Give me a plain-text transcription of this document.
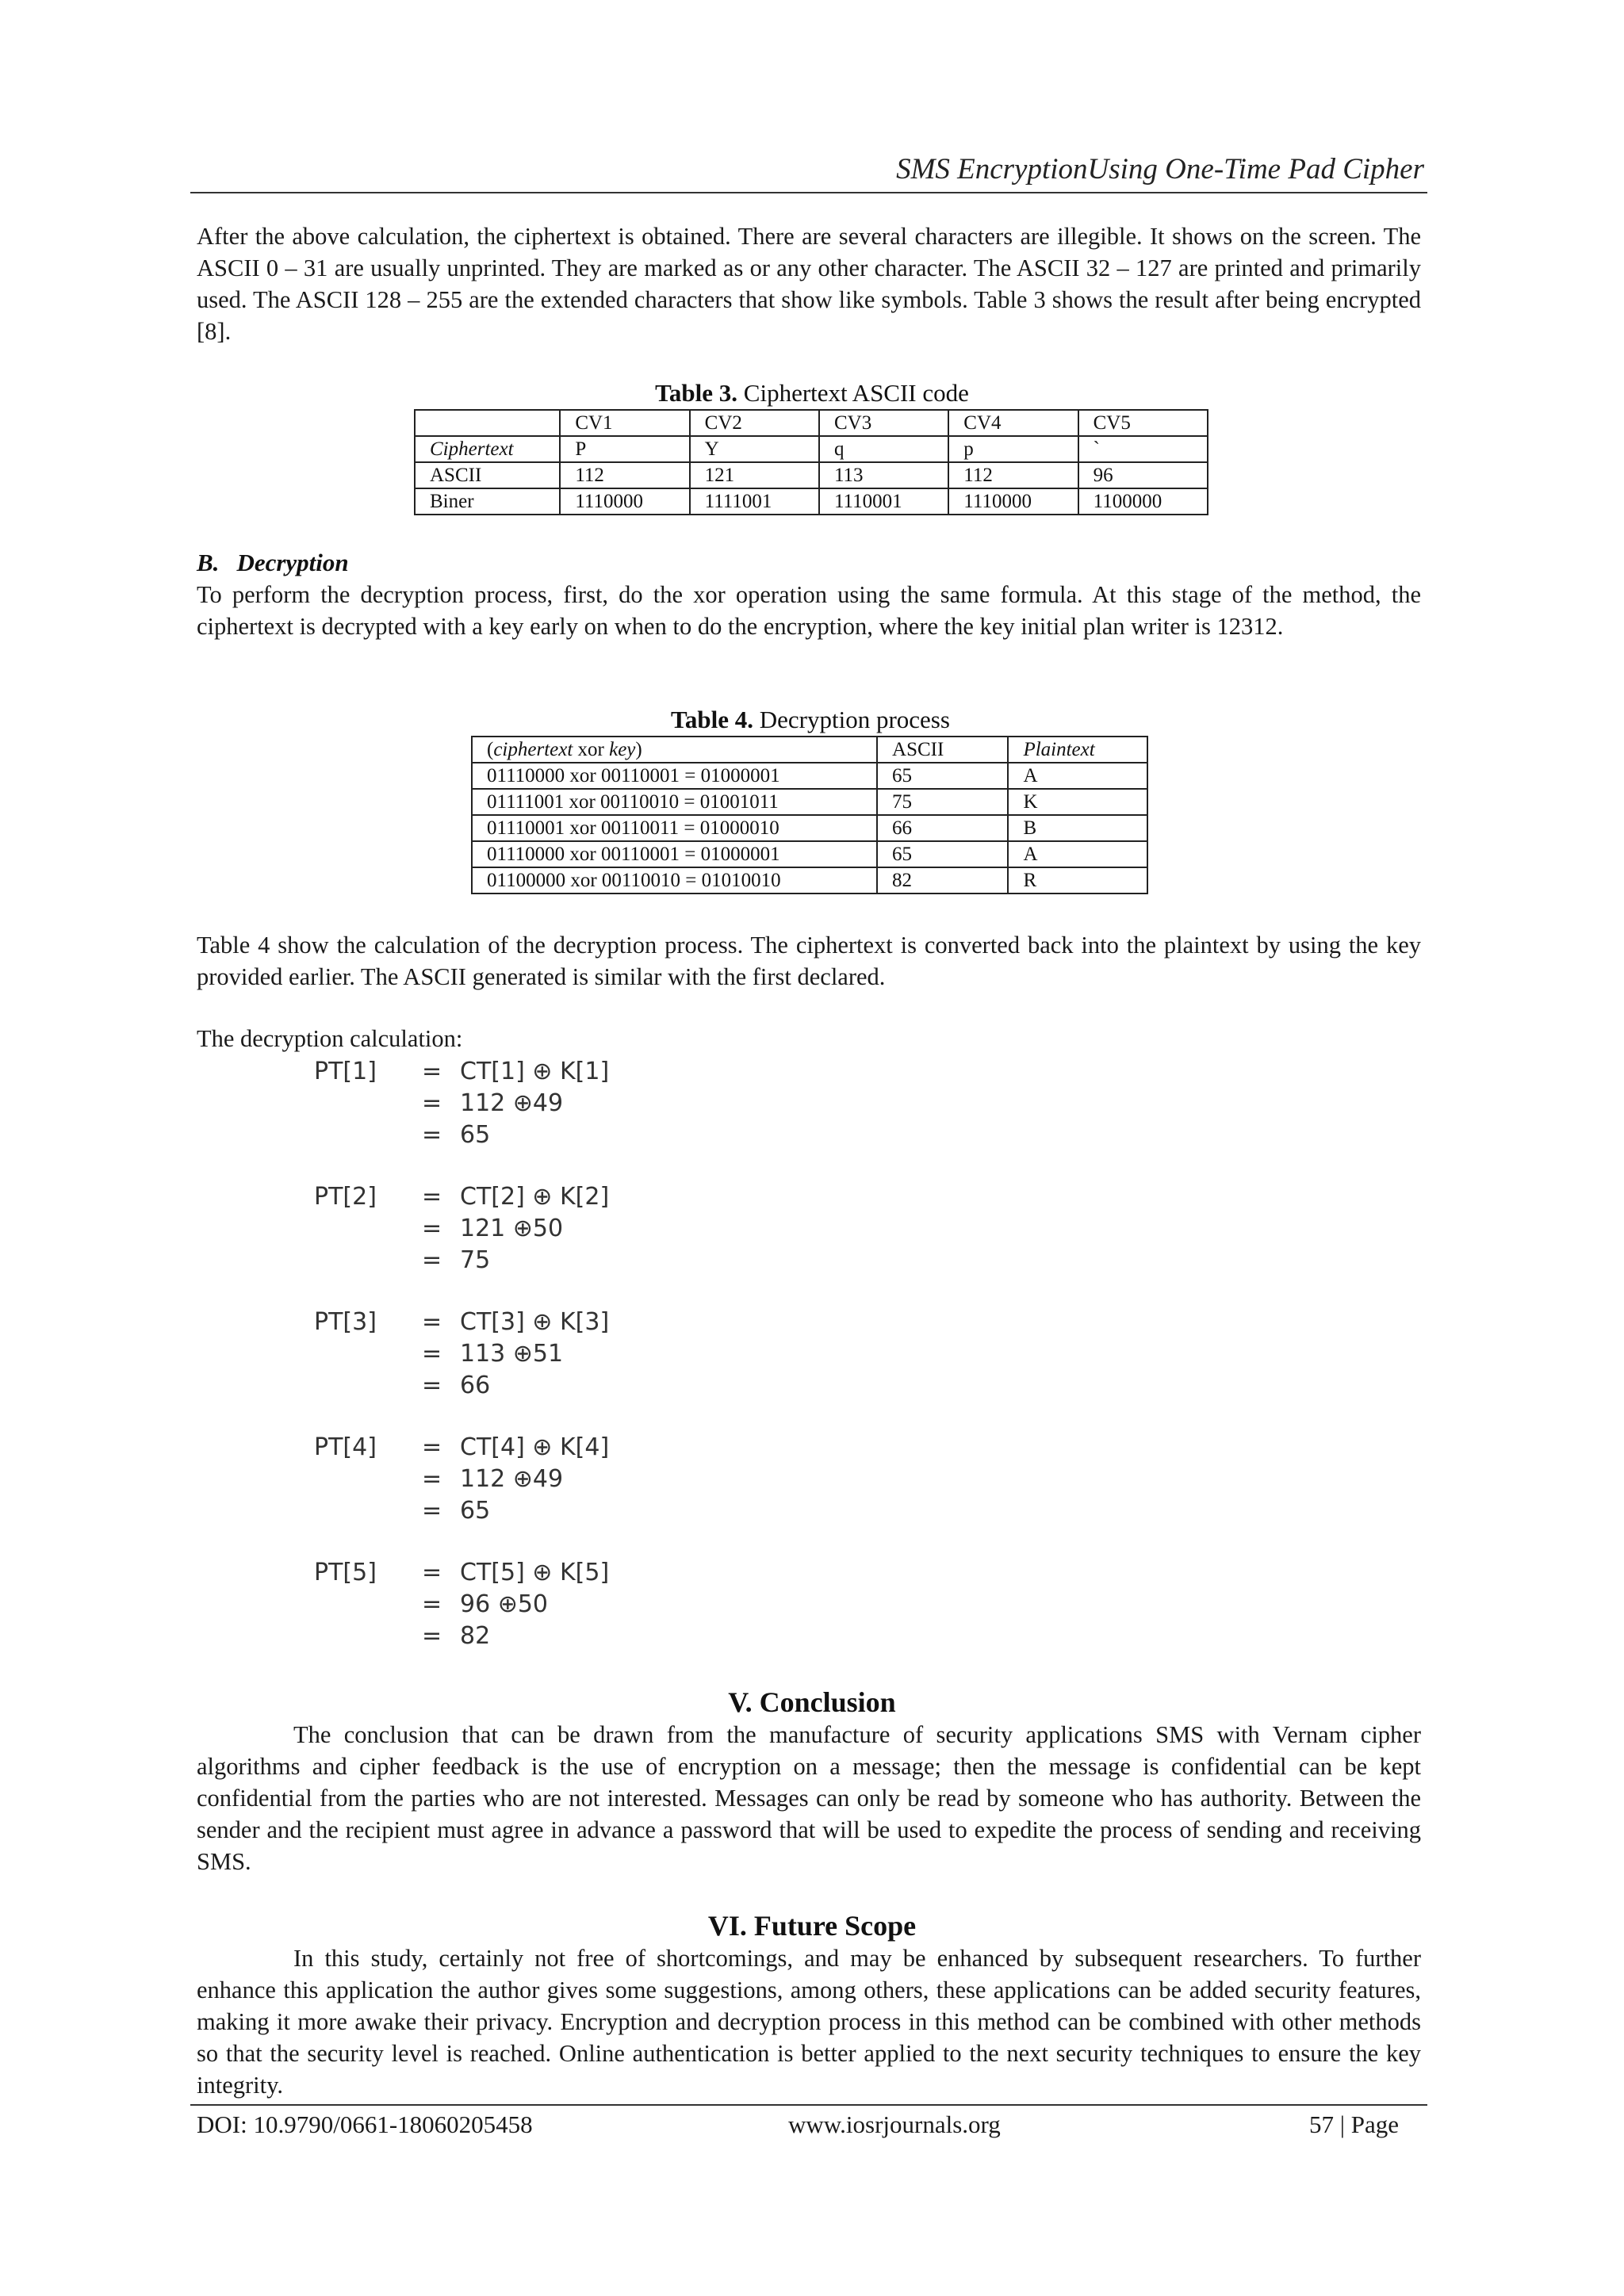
SMS EncryptionUsing One-Time Pad Cipher
After the above calculation, the ciphertext is obtained. There are several characters are illegible. It shows on the screen. The ASCII 0 – 31 are usually unprinted. They are marked as or any other character. The ASCII 32 – 127 are printed and primarily used. The ASCII 128 – 255 are the extended characters that show like symbols. Table 3 shows the result after being encrypted [8].
Table 3. Ciphertext ASCII code
	CV1	CV2	CV3	CV4	CV5
Ciphertext	P	Y	q	p	`
ASCII	112	121	113	112	96
Biner	1110000	1111001	1110001	1110000	1100000
B. Decryption
To perform the decryption process, first, do the xor operation using the same formula. At this stage of the method, the ciphertext is decrypted with a key early on when to do the encryption, where the key initial plan writer is 12312.
Table 4. Decryption process
(ciphertext xor key)	ASCII	Plaintext
01110000 xor 00110001 = 01000001	65	A
01111001 xor 00110010 = 01001011	75	K
01110001 xor 00110011 = 01000010	66	B
01110000 xor 00110001 = 01000001	65	A
01100000 xor 00110010 = 01010010	82	R
Table 4 show the calculation of the decryption process. The ciphertext is converted back into the plaintext by using the key provided earlier. The ASCII generated is similar with the first declared.
The decryption calculation:
PT[1] = CT[1] ⊕ K[1]
= 112 ⊕49
= 65
PT[2] = CT[2] ⊕ K[2]
= 121 ⊕50
= 75
PT[3] = CT[3] ⊕ K[3]
= 113 ⊕51
= 66
PT[4] = CT[4] ⊕ K[4]
= 112 ⊕49
= 65
PT[5] = CT[5] ⊕ K[5]
= 96 ⊕50
= 82
V. Conclusion
The conclusion that can be drawn from the manufacture of security applications SMS with Vernam cipher algorithms and cipher feedback is the use of encryption on a message; then the message is confidential can be kept confidential from the parties who are not interested. Messages can only be read by someone who has authority. Between the sender and the recipient must agree in advance a password that will be used to expedite the process of sending and receiving SMS.
VI. Future Scope
In this study, certainly not free of shortcomings, and may be enhanced by subsequent researchers. To further enhance this application the author gives some suggestions, among others, these applications can be added security features, making it more awake their privacy. Encryption and decryption process in this method can be combined with other methods so that the security level is reached. Online authentication is better applied to the next security techniques to ensure the key integrity.
DOI: 10.9790/0661-18060205458	www.iosrjournals.org	57 | Page
